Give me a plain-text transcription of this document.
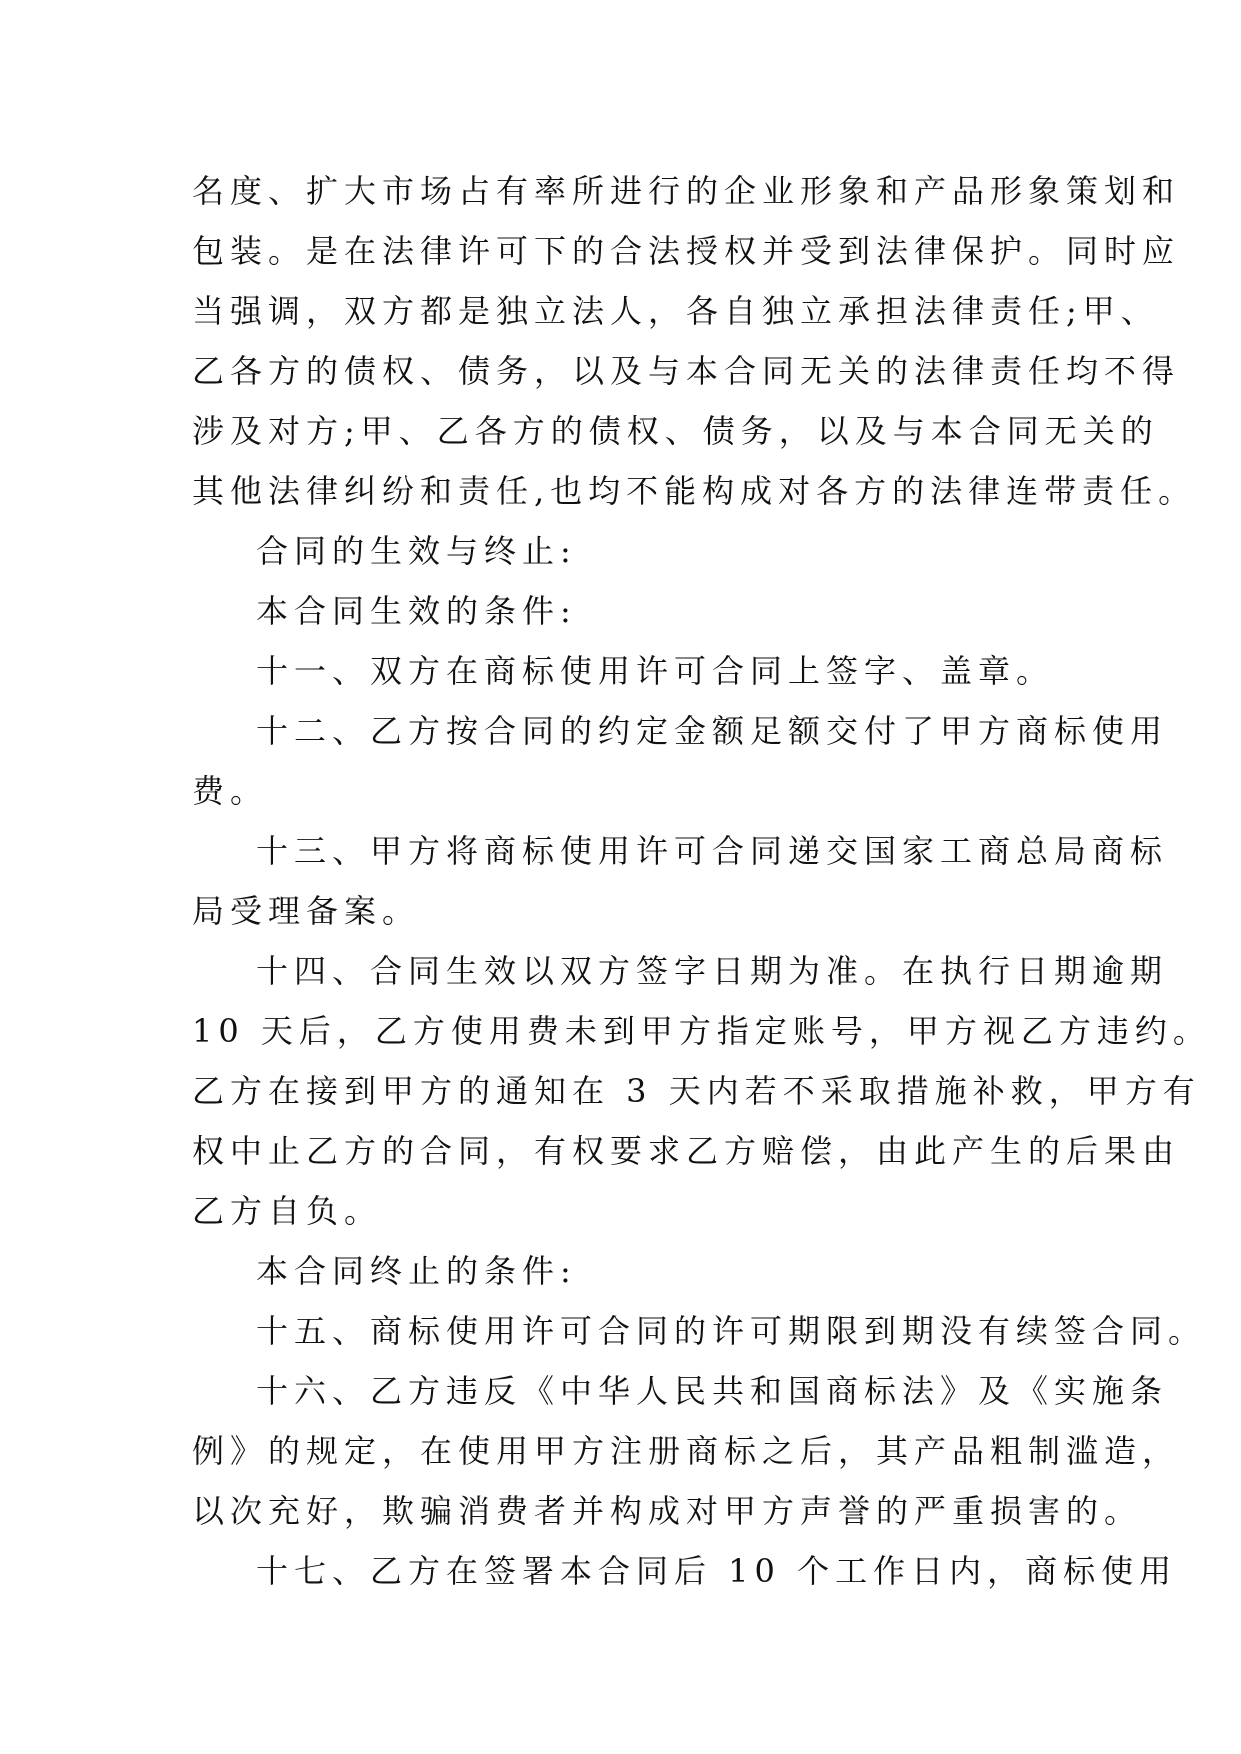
名度、扩大市场占有率所进行的企业形象和产品形象策划和
包装。是在法律许可下的合法授权并受到法律保护。同时应
当强调，双方都是独立法人，各自独立承担法律责任;甲、
乙各方的债权、债务，以及与本合同无关的法律责任均不得
涉及对方;甲、乙各方的债权、债务，以及与本合同无关的
其他法律纠纷和责任,也均不能构成对各方的法律连带责任。
合同的生效与终止:
本合同生效的条件:
十一、双方在商标使用许可合同上签字、盖章。
十二、乙方按合同的约定金额足额交付了甲方商标使用
费。
十三、甲方将商标使用许可合同递交国家工商总局商标
局受理备案。
十四、合同生效以双方签字日期为准。在执行日期逾期
10 天后，乙方使用费未到甲方指定账号，甲方视乙方违约。
乙方在接到甲方的通知在 3 天内若不采取措施补救，甲方有
权中止乙方的合同，有权要求乙方赔偿，由此产生的后果由
乙方自负。
本合同终止的条件:
十五、商标使用许可合同的许可期限到期没有续签合同。
十六、乙方违反《中华人民共和国商标法》及《实施条
例》的规定，在使用甲方注册商标之后，其产品粗制滥造，
以次充好，欺骗消费者并构成对甲方声誉的严重损害的。
十七、乙方在签署本合同后 10 个工作日内，商标使用
